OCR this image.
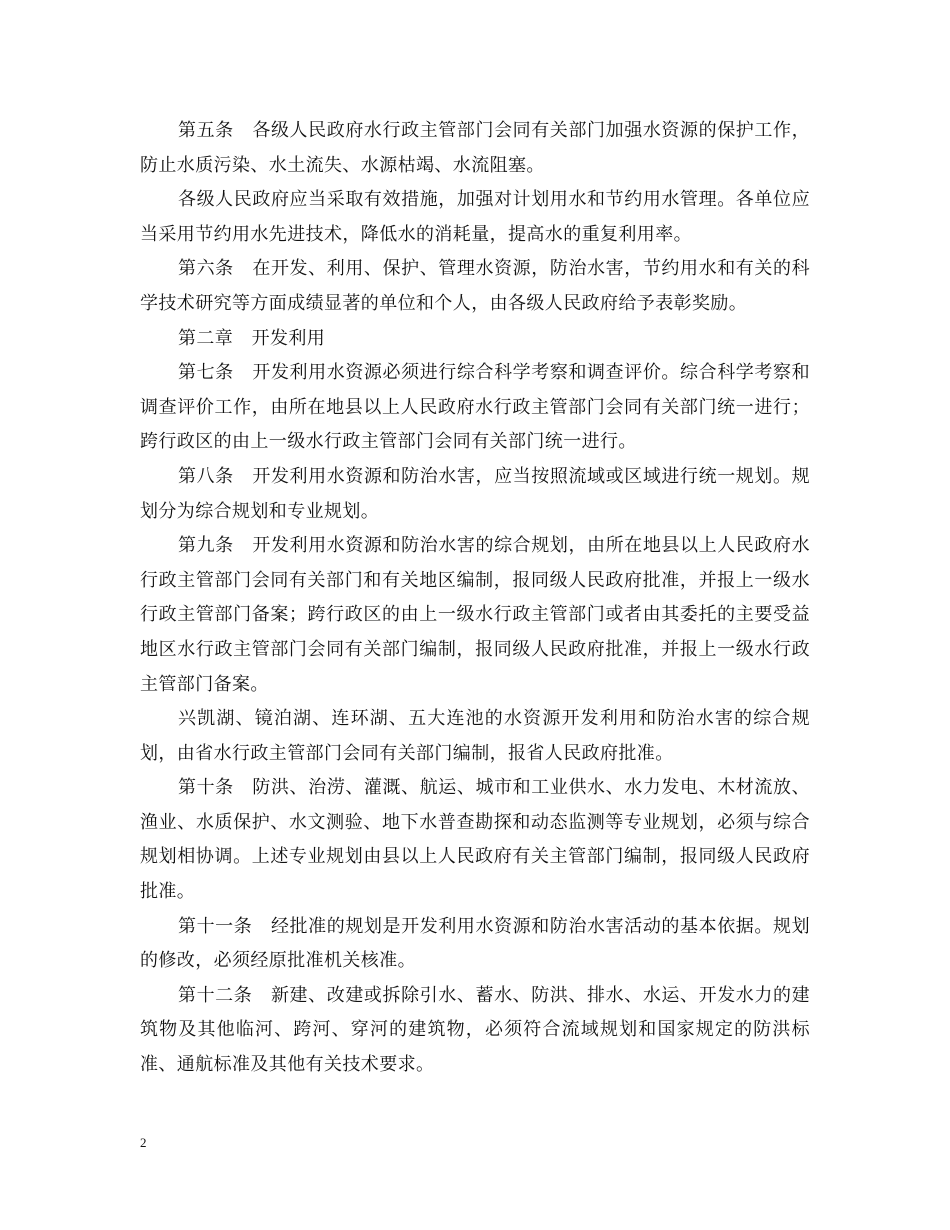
第五条　各级人民政府水行政主管部门会同有关部门加强水资源的保护工作，防止水质污染、水土流失、水源枯竭、水流阻塞。

各级人民政府应当采取有效措施，加强对计划用水和节约用水管理。各单位应当采用节约用水先进技术，降低水的消耗量，提高水的重复利用率。

第六条　在开发、利用、保护、管理水资源，防治水害，节约用水和有关的科学技术研究等方面成绩显著的单位和个人，由各级人民政府给予表彰奖励。

第二章　开发利用

第七条　开发利用水资源必须进行综合科学考察和调查评价。综合科学考察和调查评价工作，由所在地县以上人民政府水行政主管部门会同有关部门统一进行；跨行政区的由上一级水行政主管部门会同有关部门统一进行。

第八条　开发利用水资源和防治水害，应当按照流域或区域进行统一规划。规划分为综合规划和专业规划。

第九条　开发利用水资源和防治水害的综合规划，由所在地县以上人民政府水行政主管部门会同有关部门和有关地区编制，报同级人民政府批准，并报上一级水行政主管部门备案；跨行政区的由上一级水行政主管部门或者由其委托的主要受益地区水行政主管部门会同有关部门编制，报同级人民政府批准，并报上一级水行政主管部门备案。

兴凯湖、镜泊湖、连环湖、五大连池的水资源开发利用和防治水害的综合规划，由省水行政主管部门会同有关部门编制，报省人民政府批准。

第十条　防洪、治涝、灌溉、航运、城市和工业供水、水力发电、木材流放、渔业、水质保护、水文测验、地下水普查勘探和动态监测等专业规划，必须与综合规划相协调。上述专业规划由县以上人民政府有关主管部门编制，报同级人民政府批准。

第十一条　经批准的规划是开发利用水资源和防治水害活动的基本依据。规划的修改，必须经原批准机关核准。

第十二条　新建、改建或拆除引水、蓄水、防洪、排水、水运、开发水力的建筑物及其他临河、跨河、穿河的建筑物，必须符合流域规划和国家规定的防洪标准、通航标准及其他有关技术要求。

2
